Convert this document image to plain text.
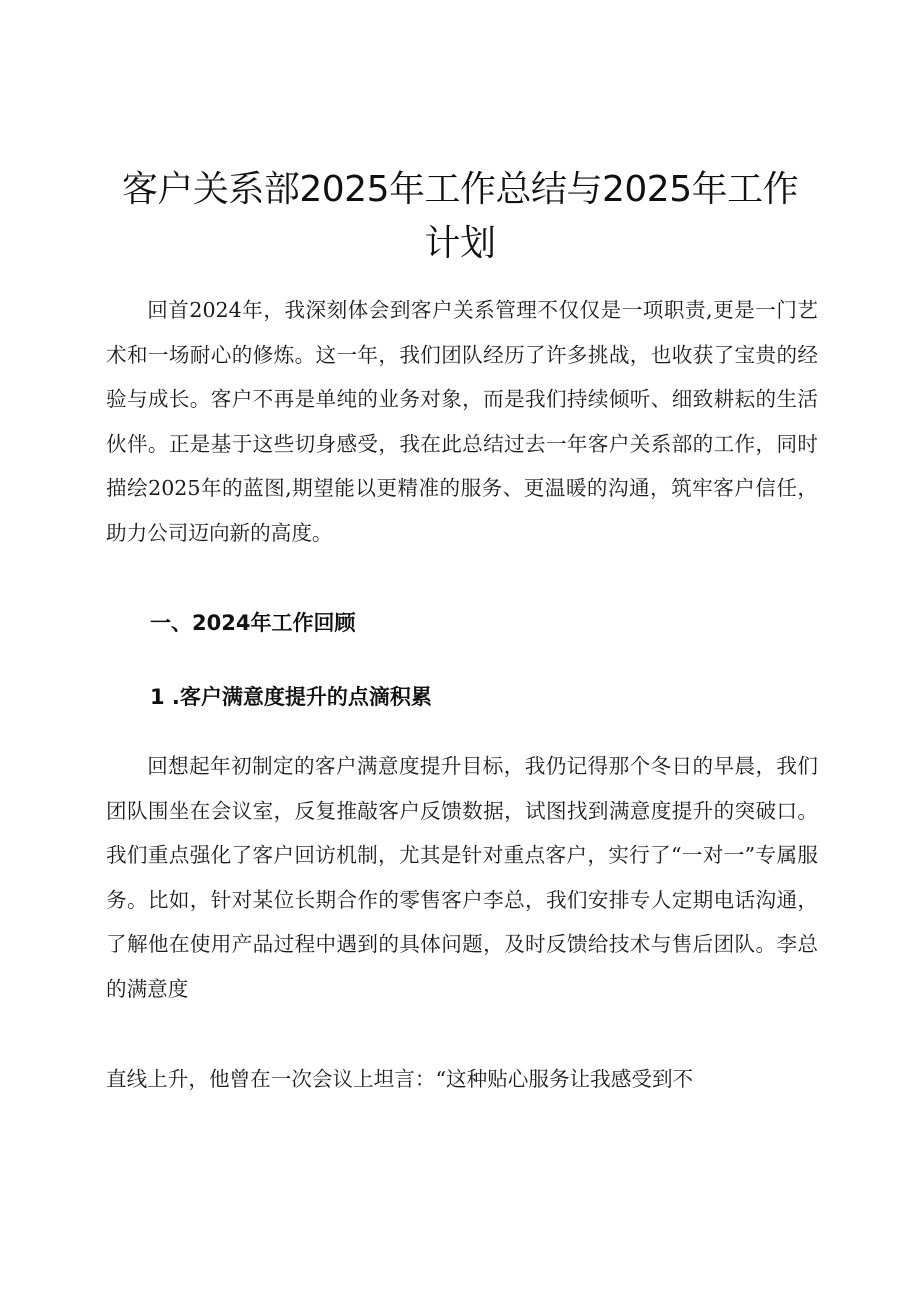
客户关系部2025年工作总结与2025年工作
计划

回首2024年，我深刻体会到客户关系管理不仅仅是一项职责,更是一门艺术和一场耐心的修炼。这一年，我们团队经历了许多挑战，也收获了宝贵的经验与成长。客户不再是单纯的业务对象，而是我们持续倾听、细致耕耘的生活伙伴。正是基于这些切身感受，我在此总结过去一年客户关系部的工作，同时描绘2025年的蓝图,期望能以更精准的服务、更温暖的沟通，筑牢客户信任，助力公司迈向新的高度。

一、2024年工作回顾
1 .客户满意度提升的点滴积累

回想起年初制定的客户满意度提升目标，我仍记得那个冬日的早晨，我们团队围坐在会议室，反复推敲客户反馈数据，试图找到满意度提升的突破口。我们重点强化了客户回访机制，尤其是针对重点客户，实行了“一对一”专属服务。比如，针对某位长期合作的零售客户李总，我们安排专人定期电话沟通，了解他在使用产品过程中遇到的具体问题，及时反馈给技术与售后团队。李总的满意度

直线上升，他曾在一次会议上坦言：“这种贴心服务让我感受到不
